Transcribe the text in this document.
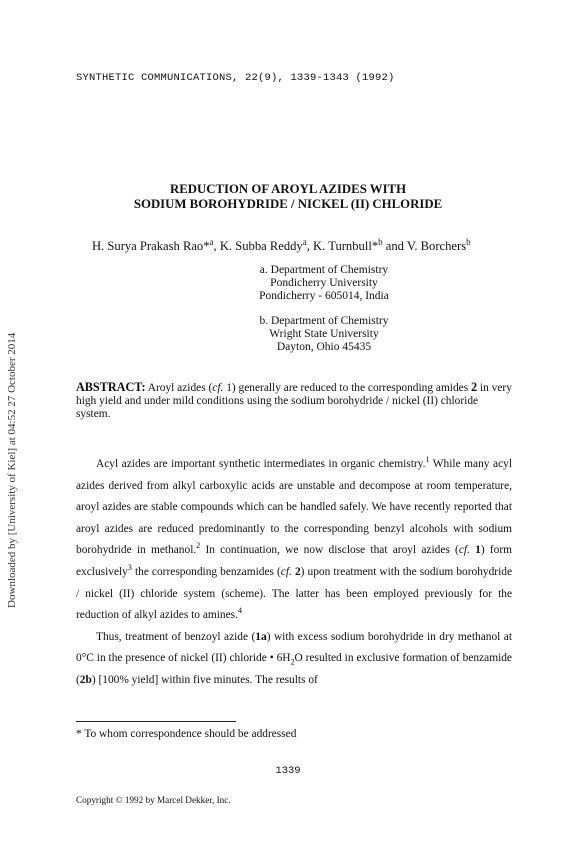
SYNTHETIC COMMUNICATIONS, 22(9), 1339-1343 (1992)
REDUCTION OF AROYL AZIDES WITH
SODIUM BOROHYDRIDE / NICKEL (II) CHLORIDE
H. Surya Prakash Rao*$^a$, K. Subba Reddy$^a$, K. Turnbull*$^b$ and V. Borchers$^b$
a. Department of Chemistry
Pondicherry University
Pondicherry - 605014, India
b. Department of Chemistry
Wright State University
Dayton, Ohio 45435
ABSTRACT: Aroyl azides (cf. 1) generally are reduced to the corresponding amides 2 in very high yield and under mild conditions using the sodium borohydride / nickel (II) chloride system.

Acyl azides are important synthetic intermediates in organic chemistry.$^1$ While many acyl azides derived from alkyl carboxylic acids are unstable and decompose at room temperature, aroyl azides are stable compounds which can be handled safely. We have recently reported that aroyl azides are reduced predominantly to the corresponding benzyl alcohols with sodium borohydride in methanol.$^2$ In continuation, we now disclose that aroyl azides (cf. 1) form exclusively$^3$ the corresponding benzamides (cf. 2) upon treatment with the sodium borohydride / nickel (II) chloride system (scheme). The latter has been employed previously for the reduction of alkyl azides to amines.$^4$

Thus, treatment of benzoyl azide (1a) with excess sodium borohydride in dry methanol at 0°C in the presence of nickel (II) chloride • $6H_2O$ resulted in exclusive formation of benzamide (2b) [100% yield] within five minutes. The results of

* To whom correspondence should be addressed
1339
Copyright © 1992 by Marcel Dekker, Inc.
Downloaded by [University of Kiel] at 04:52 27 October 2014
